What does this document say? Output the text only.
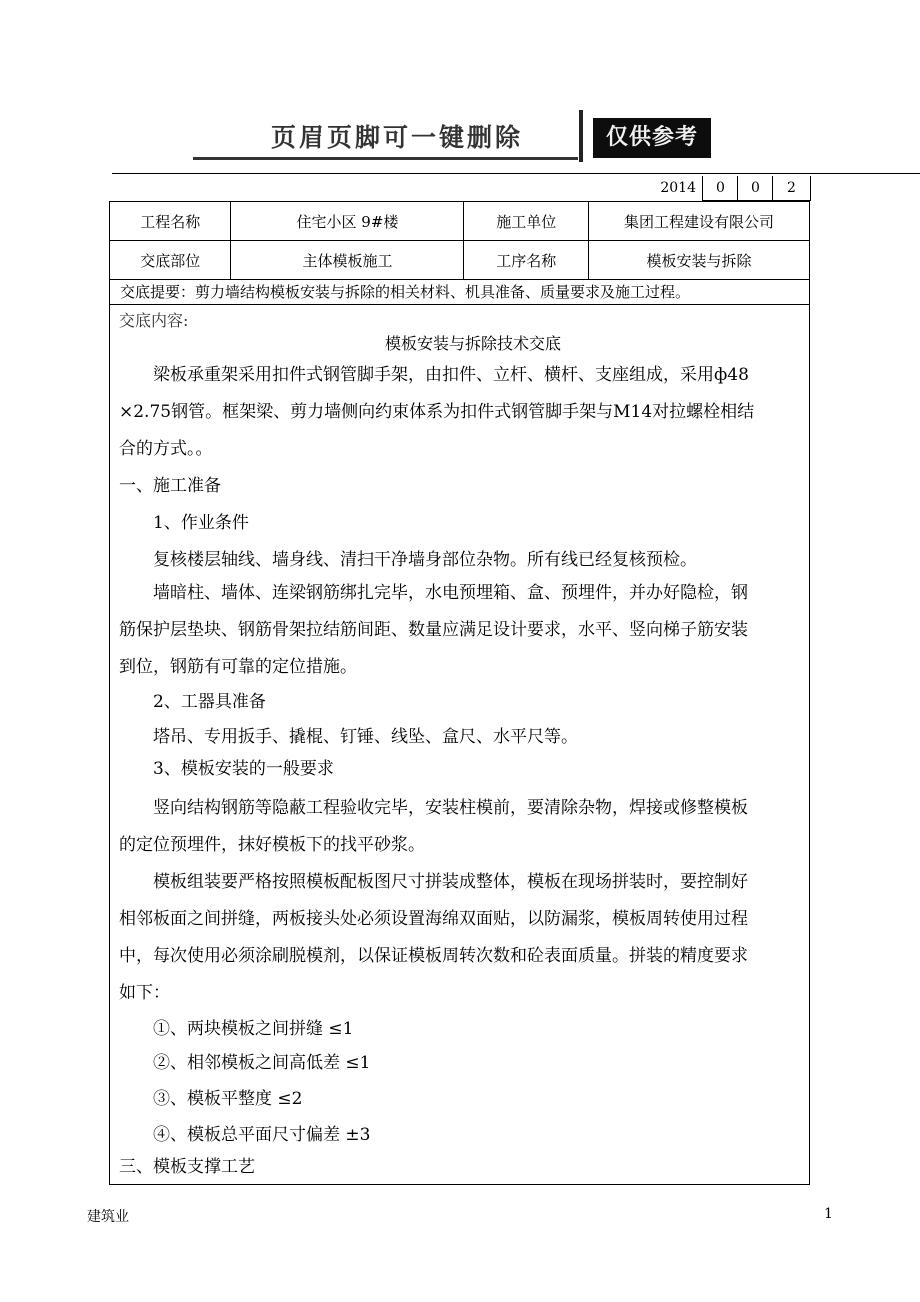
页眉页脚可一键删除	仅供参考
2014	0	0	2
工程名称	住宅小区 9#楼	施工单位	集团工程建设有限公司
交底部位	主体模板施工	工序名称	模板安装与拆除
交底提要：剪力墙结构模板安装与拆除的相关材料、机具准备、质量要求及施工过程。
交底内容:
模板安装与拆除技术交底
梁板承重架采用扣件式钢管脚手架，由扣件、立杆、横杆、支座组成，采用ф48
×2.75钢管。框架梁、剪力墙侧向约束体系为扣件式钢管脚手架与M14对拉螺栓相结
合的方式。。
一、施工准备
1、作业条件
复核楼层轴线、墙身线、清扫干净墙身部位杂物。所有线已经复核预检。
墙暗柱、墙体、连梁钢筋绑扎完毕，水电预埋箱、盒、预埋件，并办好隐检，钢
筋保护层垫块、钢筋骨架拉结筋间距、数量应满足设计要求，水平、竖向梯子筋安装
到位，钢筋有可靠的定位措施。
2、工器具准备
塔吊、专用扳手、撬棍、钉锤、线坠、盒尺、水平尺等。
3、模板安装的一般要求
竖向结构钢筋等隐蔽工程验收完毕，安装柱模前，要清除杂物，焊接或修整模板
的定位预埋件，抹好模板下的找平砂浆。
模板组装要严格按照模板配板图尺寸拼装成整体，模板在现场拼装时，要控制好
相邻板面之间拼缝，两板接头处必须设置海绵双面贴，以防漏浆，模板周转使用过程
中，每次使用必须涂刷脱模剂，以保证模板周转次数和砼表面质量。拼装的精度要求
如下：
①、两块模板之间拼缝 ≤1
②、相邻模板之间高低差 ≤1
③、模板平整度 ≤2
④、模板总平面尺寸偏差 ±3
三、模板支撑工艺
建筑业	1
